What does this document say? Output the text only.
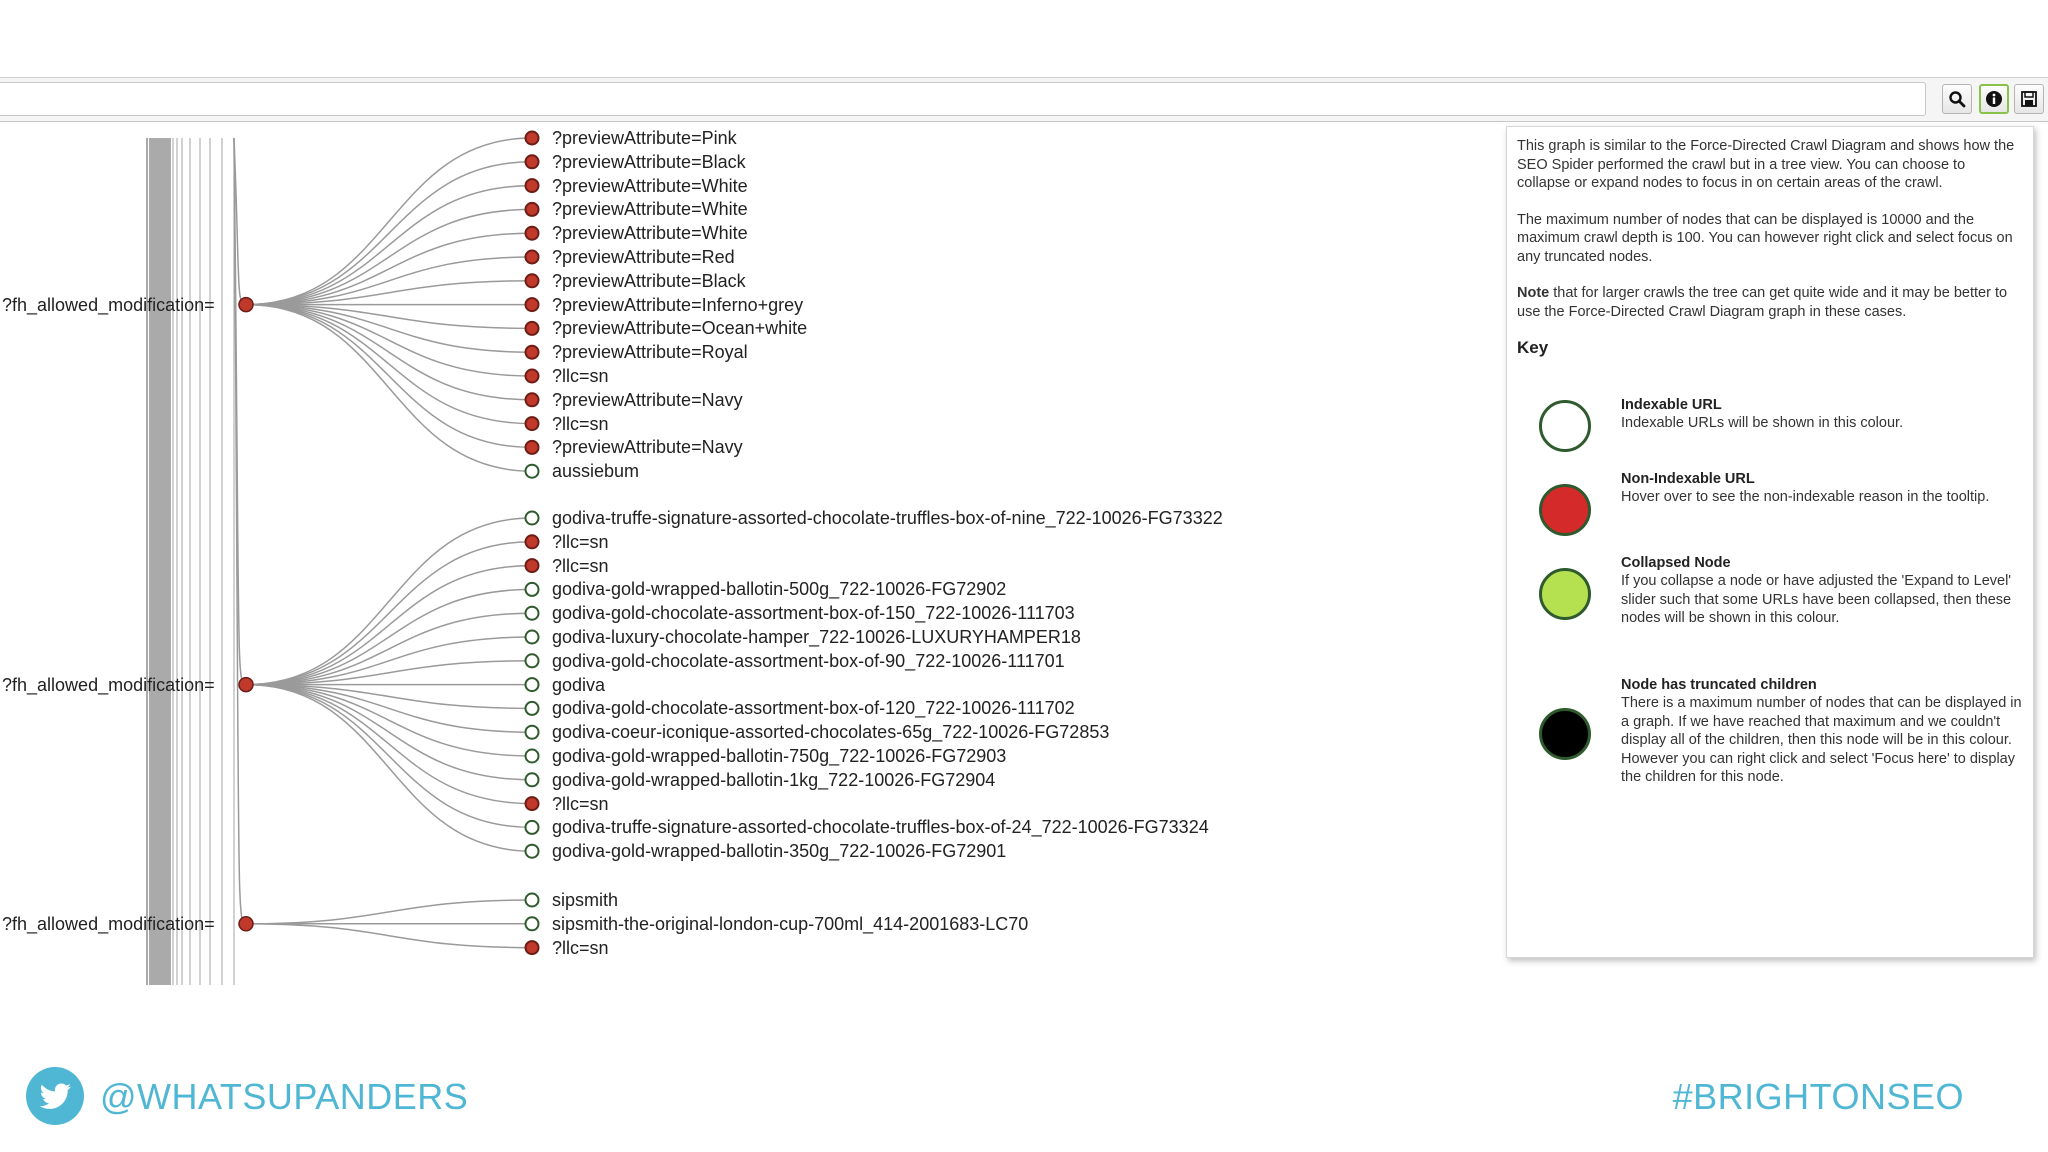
?fh_allowed_modification=
?previewAttribute=Pink
?previewAttribute=Black
?previewAttribute=White
?previewAttribute=White
?previewAttribute=White
?previewAttribute=Red
?previewAttribute=Black
?previewAttribute=Inferno+grey
?previewAttribute=Ocean+white
?previewAttribute=Royal
?llc=sn
?previewAttribute=Navy
?llc=sn
?previewAttribute=Navy
aussiebum
?fh_allowed_modification=
godiva-truffe-signature-assorted-chocolate-truffles-box-of-nine_722-10026-FG73322
?llc=sn
?llc=sn
godiva-gold-wrapped-ballotin-500g_722-10026-FG72902
godiva-gold-chocolate-assortment-box-of-150_722-10026-111703
godiva-luxury-chocolate-hamper_722-10026-LUXURYHAMPER18
godiva-gold-chocolate-assortment-box-of-90_722-10026-111701
godiva
godiva-gold-chocolate-assortment-box-of-120_722-10026-111702
godiva-coeur-iconique-assorted-chocolates-65g_722-10026-FG72853
godiva-gold-wrapped-ballotin-750g_722-10026-FG72903
godiva-gold-wrapped-ballotin-1kg_722-10026-FG72904
?llc=sn
godiva-truffe-signature-assorted-chocolate-truffles-box-of-24_722-10026-FG73324
godiva-gold-wrapped-ballotin-350g_722-10026-FG72901
?fh_allowed_modification=
sipsmith
sipsmith-the-original-london-cup-700ml_414-2001683-LC70
?llc=sn

This graph is similar to the Force-Directed Crawl Diagram and shows how the SEO Spider performed the crawl but in a tree view. You can choose to collapse or expand nodes to focus in on certain areas of the crawl.

The maximum number of nodes that can be displayed is 10000 and the maximum crawl depth is 100. You can however right click and select focus on any truncated nodes.

Note that for larger crawls the tree can get quite wide and it may be better to use the Force-Directed Crawl Diagram graph in these cases.

Key
Indexable URL
Indexable URLs will be shown in this colour.
Non-Indexable URL
Hover over to see the non-indexable reason in the tooltip.
Collapsed Node
If you collapse a node or have adjusted the 'Expand to Level' slider such that some URLs have been collapsed, then these nodes will be shown in this colour.
Node has truncated children
There is a maximum number of nodes that can be displayed in a graph. If we have reached that maximum and we couldn't display all of the children, then this node will be in this colour. However you can right click and select 'Focus here' to display the children for this node.
@WHATSUPANDERS	#BRIGHTONSEO
